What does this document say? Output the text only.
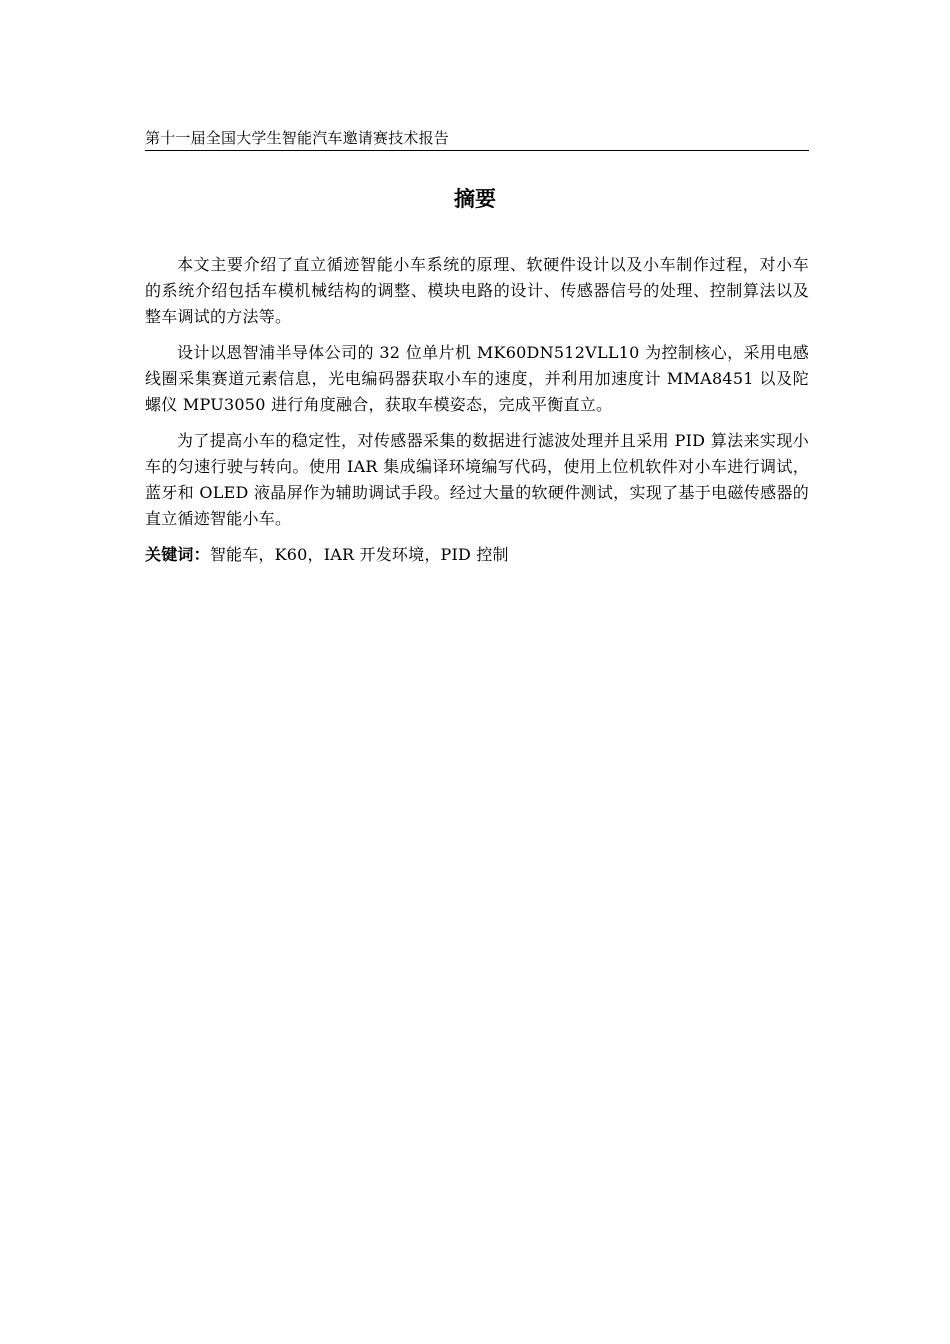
第十一届全国大学生智能汽车邀请赛技术报告
摘要

本文主要介绍了直立循迹智能小车系统的原理、软硬件设计以及小车制作过程，对小车的系统介绍包括车模机械结构的调整、模块电路的设计、传感器信号的处理、控制算法以及整车调试的方法等。

设计以恩智浦半导体公司的 32 位单片机 MK60DN512VLL10 为控制核心，采用电感线圈采集赛道元素信息，光电编码器获取小车的速度，并利用加速度计 MMA8451 以及陀螺仪 MPU3050 进行角度融合，获取车模姿态，完成平衡直立。

为了提高小车的稳定性，对传感器采集的数据进行滤波处理并且采用 PID 算法来实现小车的匀速行驶与转向。使用 IAR 集成编译环境编写代码，使用上位机软件对小车进行调试，蓝牙和 OLED 液晶屏作为辅助调试手段。经过大量的软硬件测试，实现了基于电磁传感器的直立循迹智能小车。

关键词：智能车，K60，IAR 开发环境，PID 控制
